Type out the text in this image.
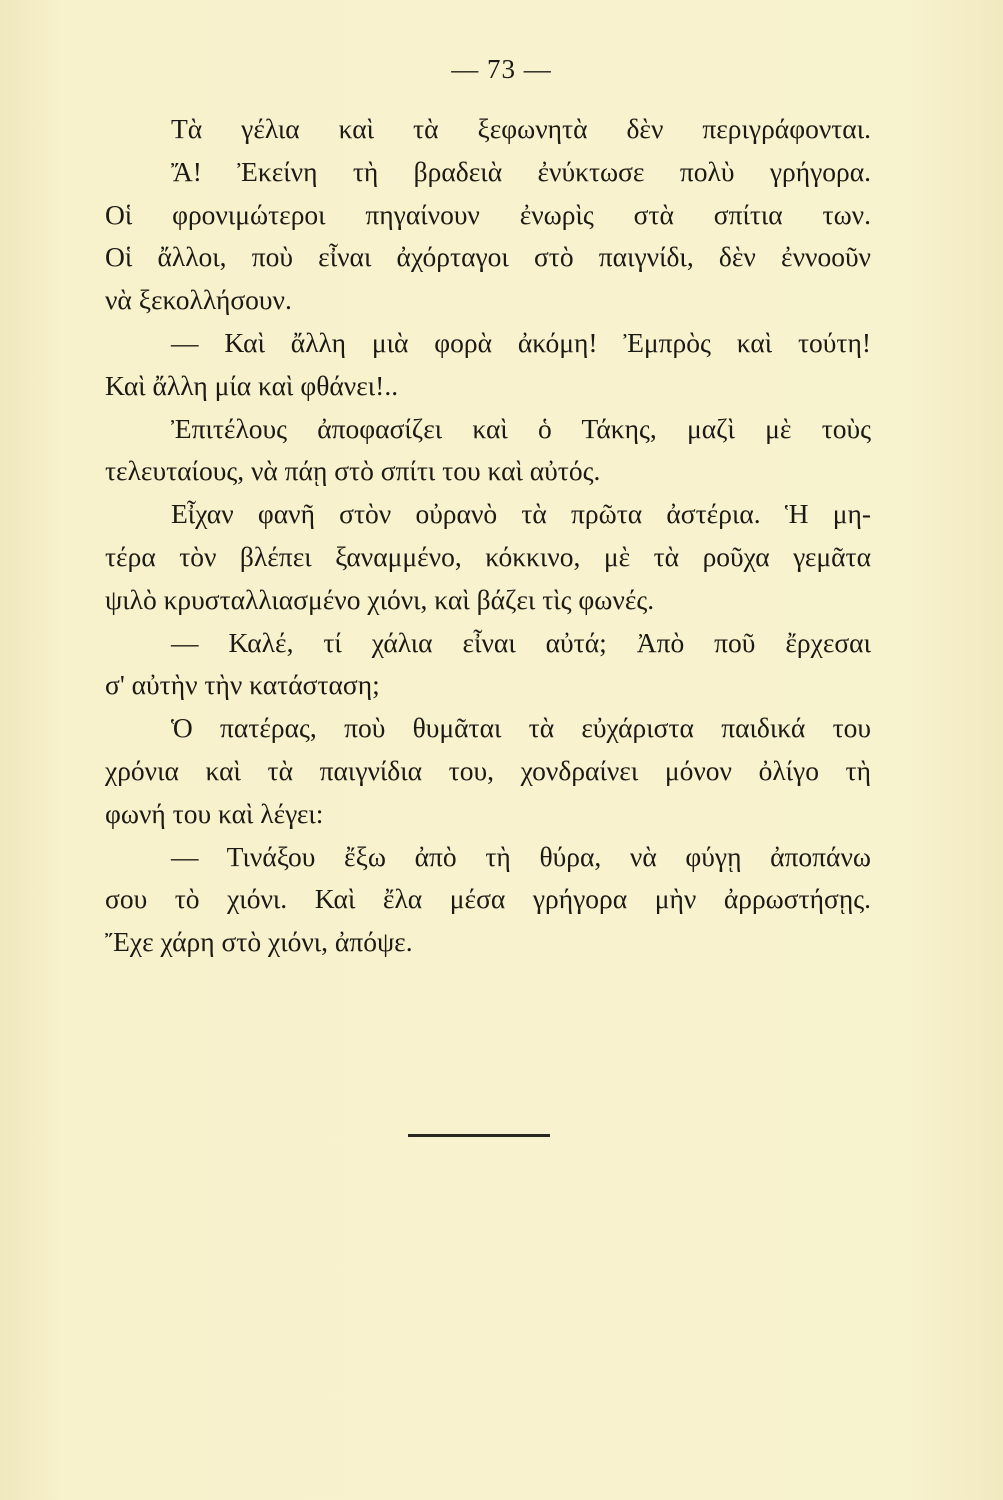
— 73 —
Τὰ γέλια καὶ τὰ ξεφωνητὰ δὲν περιγράφονται.
Ἄ! Ἐκείνη τὴ βραδειὰ ἐνύκτωσε πολὺ γρήγορα.
Οἱ φρονιμώτεροι πηγαίνουν ἐνωρὶς στὰ σπίτια των.
Οἱ ἄλλοι, ποὺ εἶναι ἀχόρταγοι στὸ παιγνίδι, δὲν ἐννοοῦν
νὰ ξεκολλήσουν.
— Καὶ ἄλλη μιὰ φορὰ ἀκόμη! Ἐμπρὸς καὶ τούτη!
Καὶ ἄλλη μία καὶ φθάνει!..
Ἐπιτέλους ἀποφασίζει καὶ ὁ Τάκης, μαζὶ μὲ τοὺς
τελευταίους, νὰ πάῃ στὸ σπίτι του καὶ αὐτός.
Εἶχαν φανῆ στὸν οὐρανὸ τὰ πρῶτα ἀστέρια. Ἡ μη-
τέρα τὸν βλέπει ξαναμμένο, κόκκινο, μὲ τὰ ροῦχα γεμᾶτα
ψιλὸ κρυσταλλιασμένο χιόνι, καὶ βάζει τὶς φωνές.
— Καλέ, τί χάλια εἶναι αὐτά; Ἀπὸ ποῦ ἔρχεσαι
σ' αὐτὴν τὴν κατάσταση;
Ὁ πατέρας, ποὺ θυμᾶται τὰ εὐχάριστα παιδικά του
χρόνια καὶ τὰ παιγνίδια του, χονδραίνει μόνον ὀλίγο τὴ
φωνή του καὶ λέγει:
— Τινάξου ἔξω ἀπὸ τὴ θύρα, νὰ φύγῃ ἀποπάνω
σου τὸ χιόνι. Καὶ ἔλα μέσα γρήγορα μὴν ἀρρωστήσῃς.
Ἔχε χάρη στὸ χιόνι, ἀπόψε.
